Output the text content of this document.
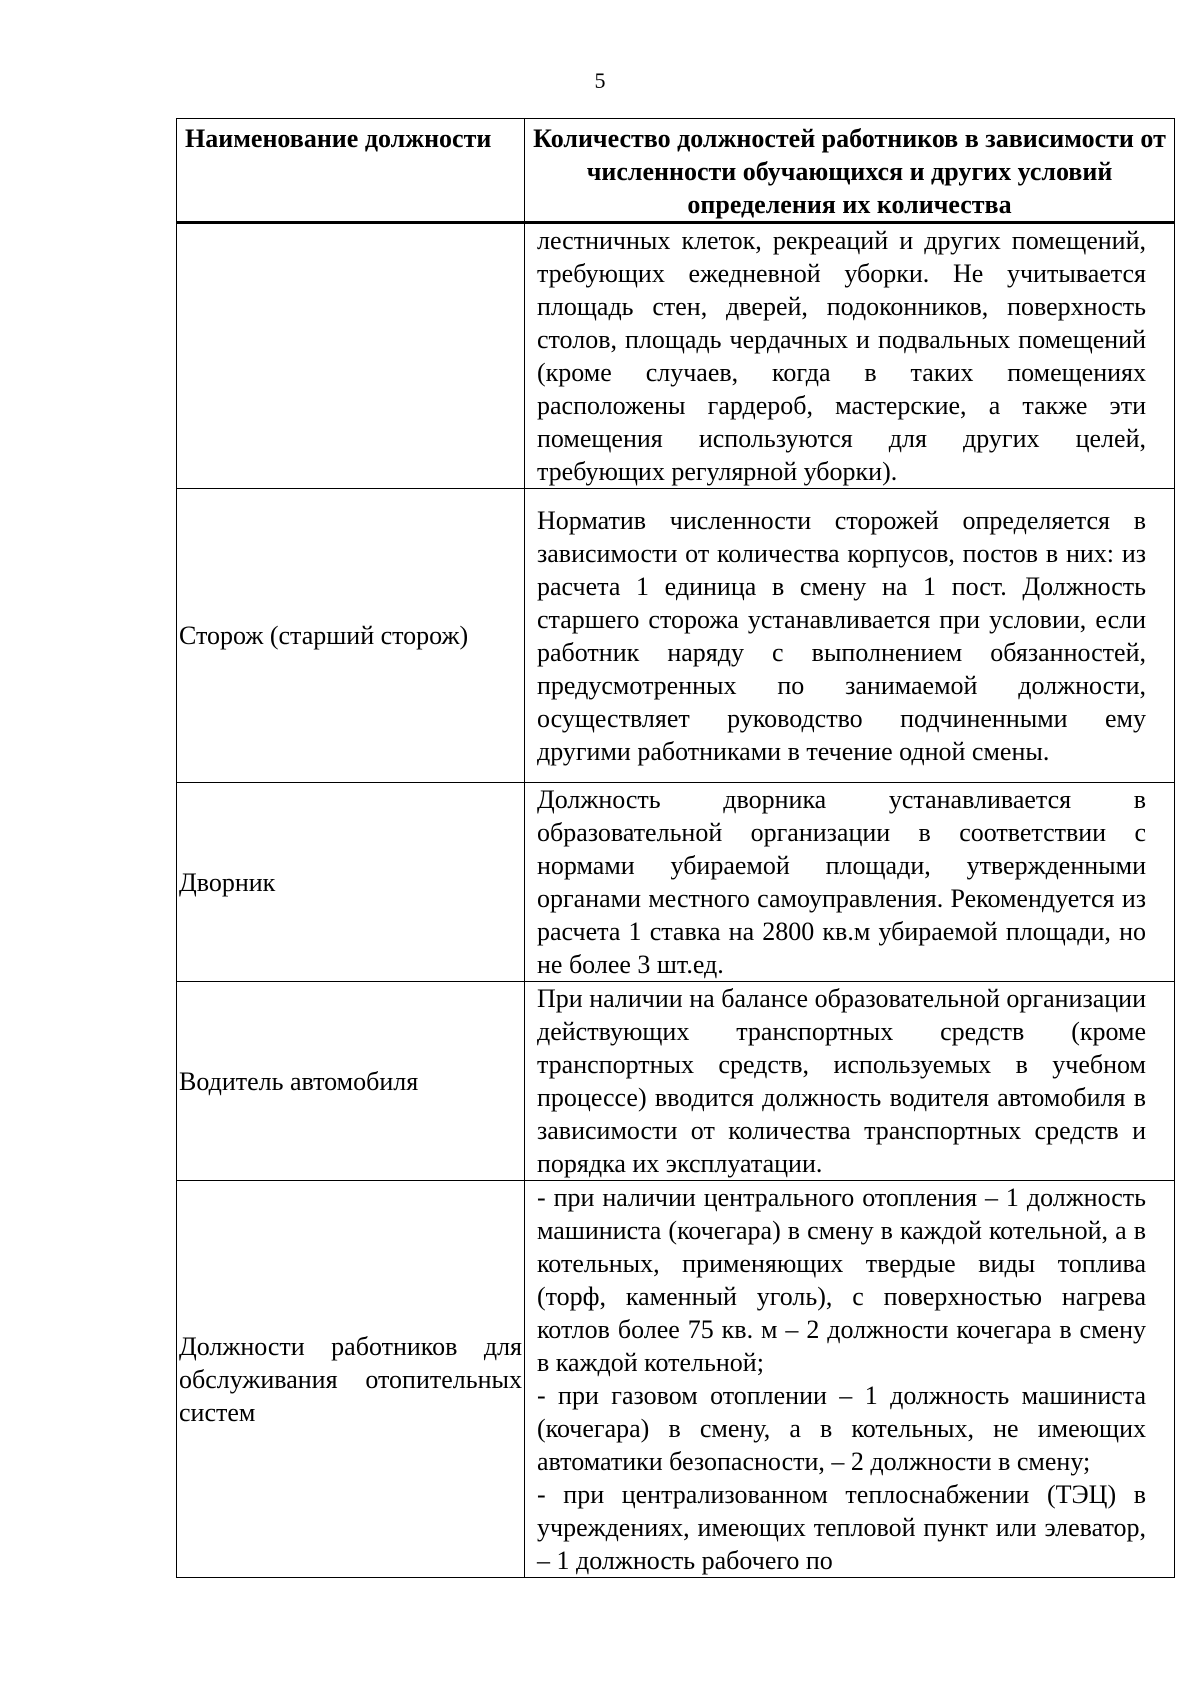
5
Наименование должности	Количество должностей работников в зависимости от численности обучающихся и других условий определения их количества

	лестничных клеток, рекреаций и других помещений, требующих ежедневной уборки. Не учитывается площадь стен, дверей, подоконников, поверхность столов, площадь чердачных и подвальных помещений (кроме случаев, когда в таких помещениях расположены гардероб, мастерские, а также эти помещения используются для других целей, требующих регулярной уборки).

Сторож (старший сторож)	Норматив численности сторожей определяется в зависимости от количества корпусов, постов в них: из расчета 1 единица в смену на 1 пост. Должность старшего сторожа устанавливается при условии, если работник наряду с выполнением обязанностей, предусмотренных по занимаемой должности, осуществляет руководство подчиненными ему другими работниками в течение одной смены.

Дворник	Должность дворника устанавливается в образовательной организации в соответствии с нормами убираемой площади, утвержденными органами местного самоуправления. Рекомендуется из расчета 1 ставка на 2800 кв.м убираемой площади, но не более 3 шт.ед.

Водитель автомобиля	При наличии на балансе образовательной организации действующих транспортных средств (кроме транспортных средств, используемых в учебном процессе) вводится должность водителя автомобиля в зависимости от количества транспортных средств и порядка их эксплуатации.

Должности работников для обслуживания отопительных систем	- при наличии центрального отопления – 1 должность машиниста (кочегара) в смену в каждой котельной, а в котельных, применяющих твердые виды топлива (торф, каменный уголь), с поверхностью нагрева котлов более 75 кв. м – 2 должности кочегара в смену в каждой котельной;
- при газовом отоплении – 1 должность машиниста (кочегара) в смену, а в котельных, не имеющих автоматики безопасности, – 2 должности в смену;
- при централизованном теплоснабжении (ТЭЦ) в учреждениях, имеющих тепловой пункт или элеватор, – 1 должность рабочего по
